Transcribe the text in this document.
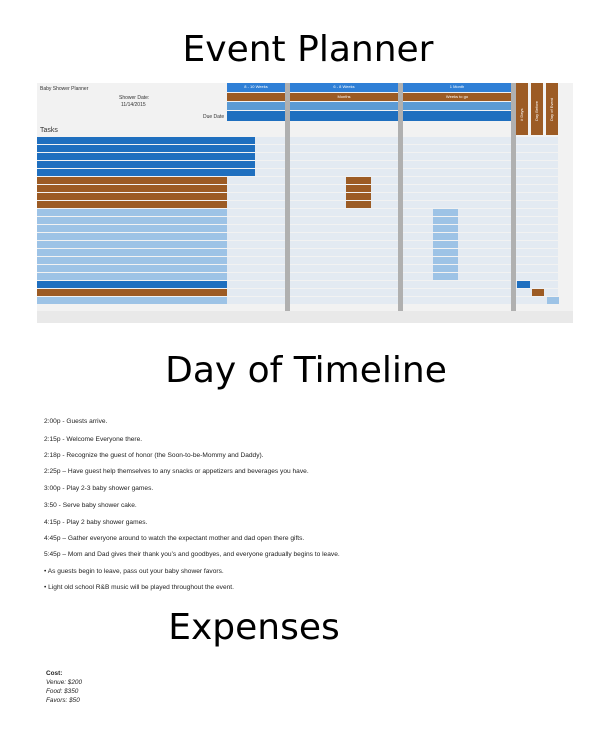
Event Planner
Baby Shower Planner
Shower Date:
11/14/2015
Due Date
Tasks
8 - 10 Weeks	6 - 8 Weeks	1 Month
Months	Weeks to go
# Days	Day Before	Day of Event
Day of Timeline
2:00p - Guests arrive.
2:15p - Welcome Everyone there.
2:18p - Recognize the guest of honor (the Soon-to-be-Mommy and Daddy).
2:25p – Have guest help themselves to any snacks or appetizers and beverages you have.
3:00p - Play 2-3 baby shower games.
3:50 - Serve baby shower cake.
4:15p - Play 2 baby shower games.
4:45p – Gather everyone around to watch the expectant mother and dad open there gifts.
5:45p – Mom and Dad gives their thank you’s and goodbyes, and everyone gradually begins to leave.
• As guests begin to leave, pass out your baby shower favors.
• Light old school R&B music will be played throughout the event.
Expenses
Cost:
Venue: $200
Food: $350
Favors: $50
